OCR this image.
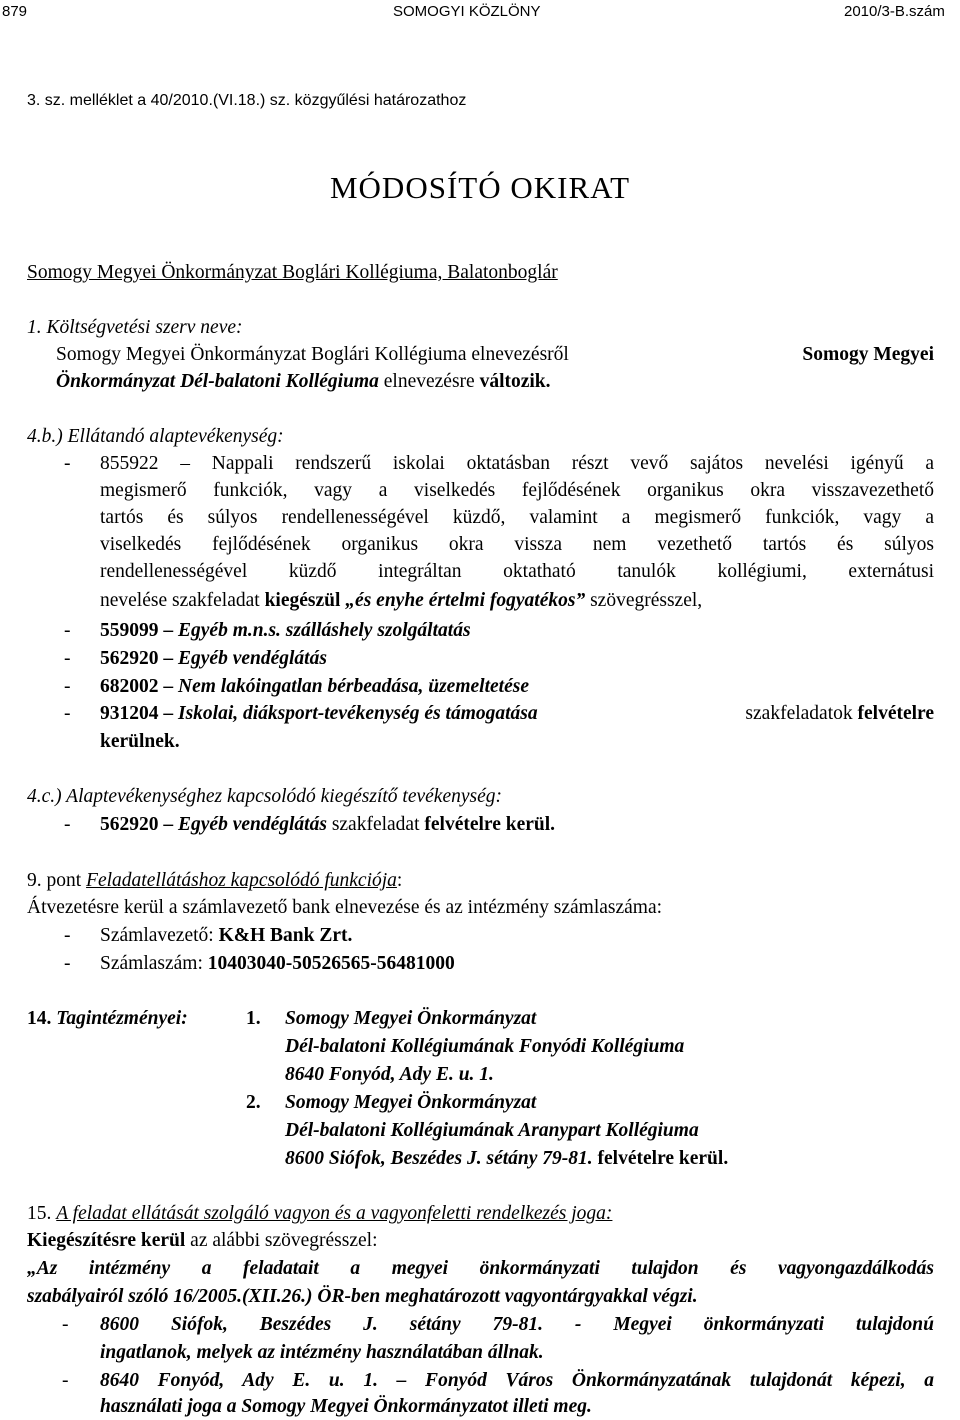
879	SOMOGYI KÖZLÖNY	2010/3-B.szám
3. sz. melléklet a 40/2010.(VI.18.) sz. közgyűlési határozathoz
MÓDOSÍTÓ OKIRAT
Somogy Megyei Önkormányzat Boglári Kollégiuma, Balatonboglár
1. Költségvetési szerv neve:
Somogy Megyei Önkormányzat Boglári Kollégiuma elnevezésről	Somogy Megyei
Önkormányzat Dél-balatoni Kollégiuma elnevezésre változik.
4.b.) Ellátandó alaptevékenység:
- 855922 – Nappali rendszerű iskolai oktatásban részt vevő sajátos nevelési igényű a
megismerő funkciók, vagy a viselkedés fejlődésének organikus okra visszavezethető
tartós és súlyos rendellenességével küzdő, valamint a megismerő funkciók, vagy a
viselkedés fejlődésének organikus okra vissza nem vezethető tartós és súlyos
rendellenességével küzdő integráltan oktatható tanulók kollégiumi, externátusi
nevelése szakfeladat kiegészül „és enyhe értelmi fogyatékos” szövegrésszel,
- 559099 – Egyéb m.n.s. szálláshely szolgáltatás
- 562920 – Egyéb vendéglátás
- 682002 – Nem lakóingatlan bérbeadása, üzemeltetése
- 931204 – Iskolai, diáksport-tevékenység és támogatása	szakfeladatok felvételre
kerülnek.
4.c.) Alaptevékenységhez kapcsolódó kiegészítő tevékenység:
- 562920 – Egyéb vendéglátás szakfeladat felvételre kerül.
9. pont Feladatellátáshoz kapcsolódó funkciója:
Átvezetésre kerül a számlavezető bank elnevezése és az intézmény számlaszáma:
- Számlavezető: K&H Bank Zrt.
- Számlaszám: 10403040-50526565-56481000
14. Tagintézményei:	1. Somogy Megyei Önkormányzat
Dél-balatoni Kollégiumának Fonyódi Kollégiuma
8640 Fonyód, Ady E. u. 1.
2. Somogy Megyei Önkormányzat
Dél-balatoni Kollégiumának Aranypart Kollégiuma
8600 Siófok, Beszédes J. sétány 79-81. felvételre kerül.
15. A feladat ellátását szolgáló vagyon és a vagyonfeletti rendelkezés joga:
Kiegészítésre kerül az alábbi szövegrésszel:
„Az intézmény a feladatait a megyei önkormányzati tulajdon és vagyongazdálkodás
szabályairól szóló 16/2005.(XII.26.) ÖR-ben meghatározott vagyontárgyakkal végzi.
- 8600 Siófok, Beszédes J. sétány 79-81. - Megyei önkormányzati tulajdonú
ingatlanok, melyek az intézmény használatában állnak.
- 8640 Fonyód, Ady E. u. 1. – Fonyód Város Önkormányzatának tulajdonát képezi, a
használati joga a Somogy Megyei Önkormányzatot illeti meg.
